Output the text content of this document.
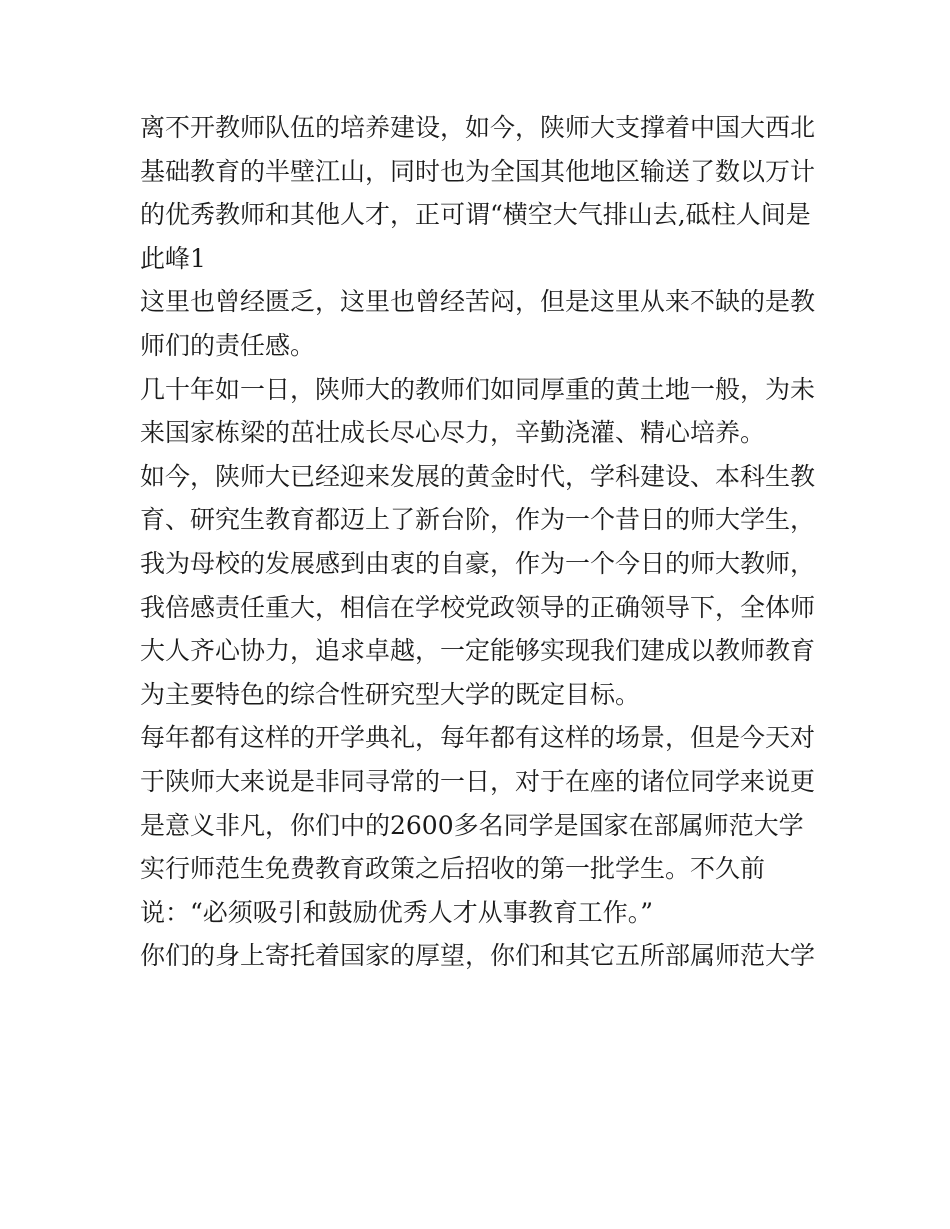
离不开教师队伍的培养建设，如今，陕师大支撑着中国大西北
基础教育的半壁江山，同时也为全国其他地区输送了数以万计
的优秀教师和其他人才，正可谓“横空大气排山去,砥柱人间是
此峰1
这里也曾经匮乏，这里也曾经苦闷，但是这里从来不缺的是教
师们的责任感。
几十年如一日，陕师大的教师们如同厚重的黄土地一般，为未
来国家栋梁的茁壮成长尽心尽力，辛勤浇灌、精心培养。
如今，陕师大已经迎来发展的黄金时代，学科建设、本科生教
育、研究生教育都迈上了新台阶，作为一个昔日的师大学生，
我为母校的发展感到由衷的自豪，作为一个今日的师大教师，
我倍感责任重大，相信在学校党政领导的正确领导下，全体师
大人齐心协力，追求卓越，一定能够实现我们建成以教师教育
为主要特色的综合性研究型大学的既定目标。
每年都有这样的开学典礼，每年都有这样的场景，但是今天对
于陕师大来说是非同寻常的一日，对于在座的诸位同学来说更
是意义非凡，你们中的2600多名同学是国家在部属师范大学
实行师范生免费教育政策之后招收的第一批学生。不久前
说：“必须吸引和鼓励优秀人才从事教育工作。”
你们的身上寄托着国家的厚望，你们和其它五所部属师范大学
